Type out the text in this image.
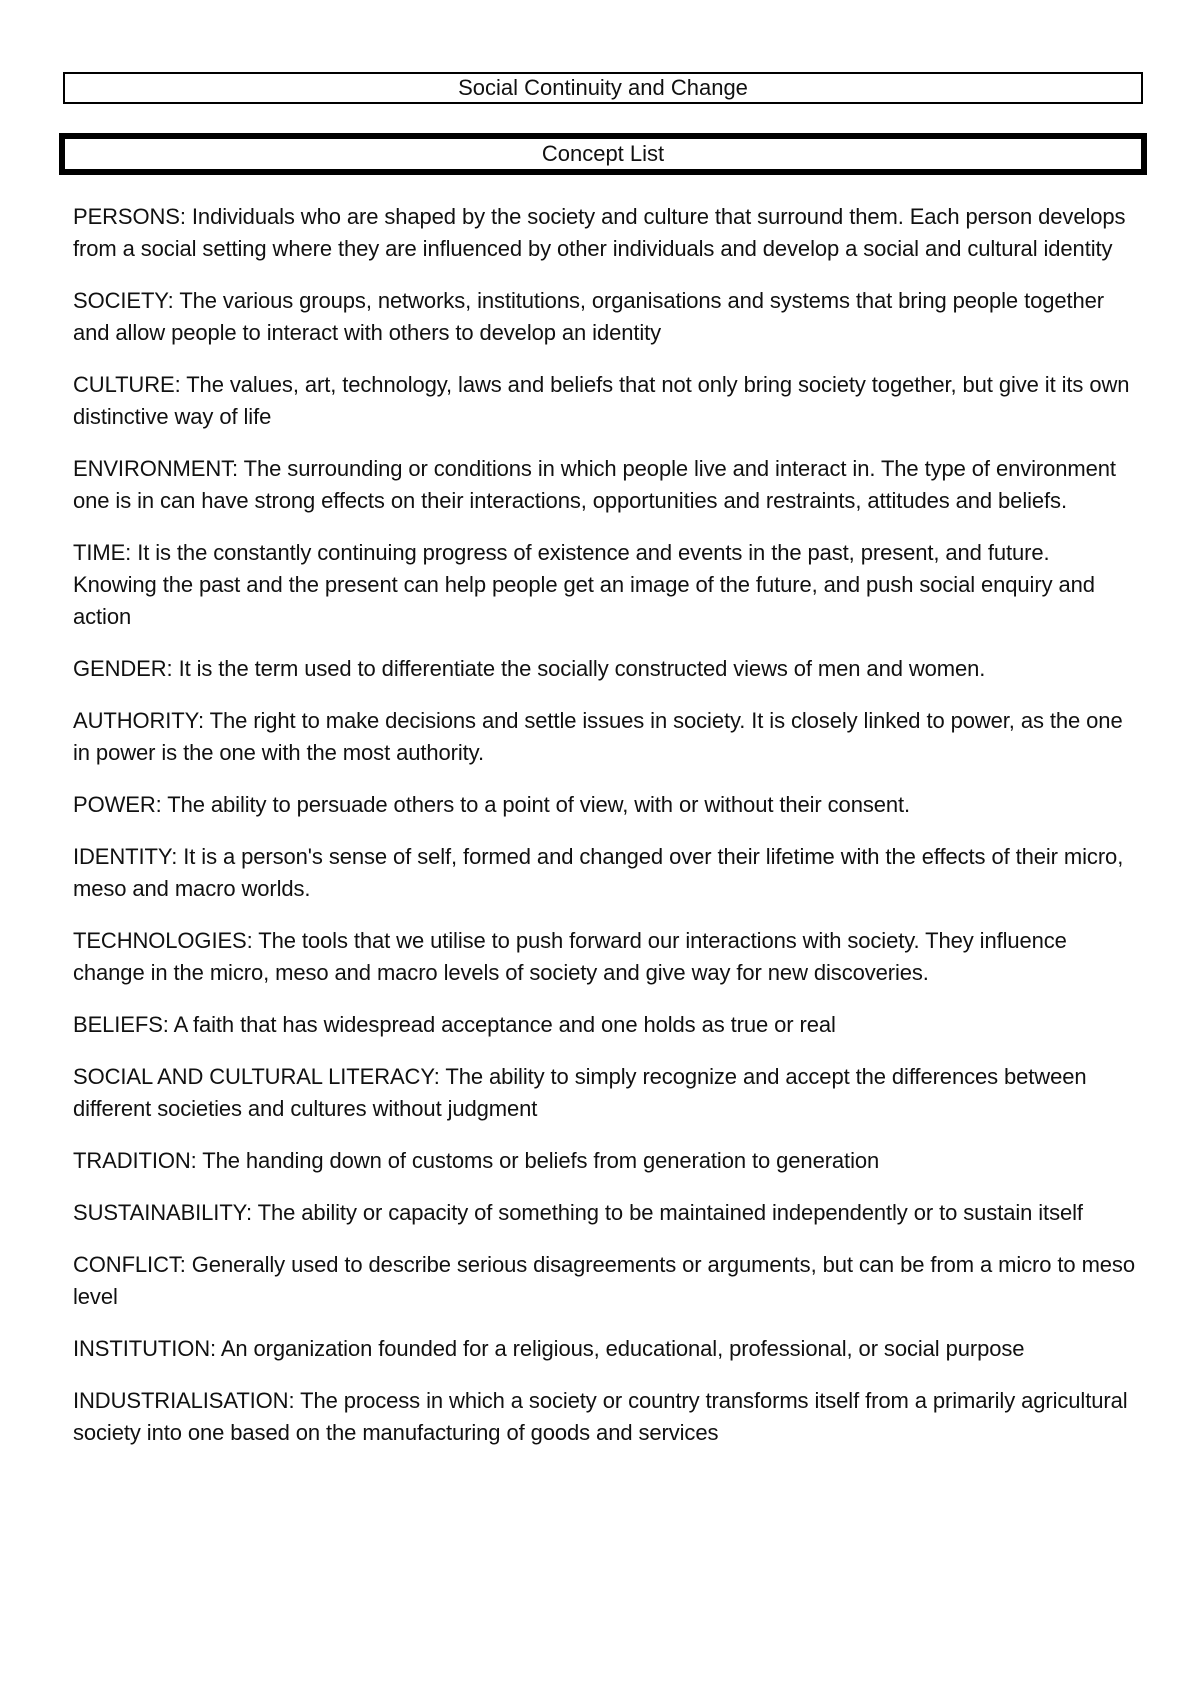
Social Continuity and Change
Concept List
PERSONS : Individuals who are shaped by the society and culture that surround them. Each person develops from a social setting where they are influenced by other individuals and develop a social and cultural identity
SOCIETY : The various groups, networks, institutions, organisations and systems that bring people together and allow people to interact with others to develop an identity
CULTURE : The values, art, technology, laws and beliefs that not only bring society together, but give it its own distinctive way of life
ENVIRONMENT : The surrounding or conditions in which people live and interact in. The type of environment one is in can have strong effects on their interactions, opportunities and restraints, attitudes and beliefs.
TIME : It is the constantly continuing progress of existence and events in the past, present, and future. Knowing the past and the present can help people get an image of the future, and push social enquiry and action
GENDER : It is the term used to differentiate the socially constructed views of men and women.
AUTHORITY : The right to make decisions and settle issues in society. It is closely linked to power, as the one in power is the one with the most authority.
POWER : The ability to persuade others to a point of view, with or without their consent.
IDENTITY : It is a person's sense of self, formed and changed over their lifetime with the effects of their micro, meso and macro worlds.
TECHNOLOGIES : The tools that we utilise to push forward our interactions with society. They influence change in the micro, meso and macro levels of society and give way for new discoveries.
BELIEFS : A faith that has widespread acceptance and one holds as true or real
SOCIAL AND CULTURAL LITERACY : The ability to simply recognize and accept the differences between different societies and cultures without judgment
TRADITION : The handing down of customs or beliefs from generation to generation
SUSTAINABILITY : The ability or capacity of something to be maintained independently or to sustain itself
CONFLICT : Generally used to describe serious disagreements or arguments, but can be from a micro to meso level
INSTITUTION : An organization founded for a religious, educational, professional, or social purpose
INDUSTRIALISATION : The process in which a society or country transforms itself from a primarily agricultural society into one based on the manufacturing of goods and services
